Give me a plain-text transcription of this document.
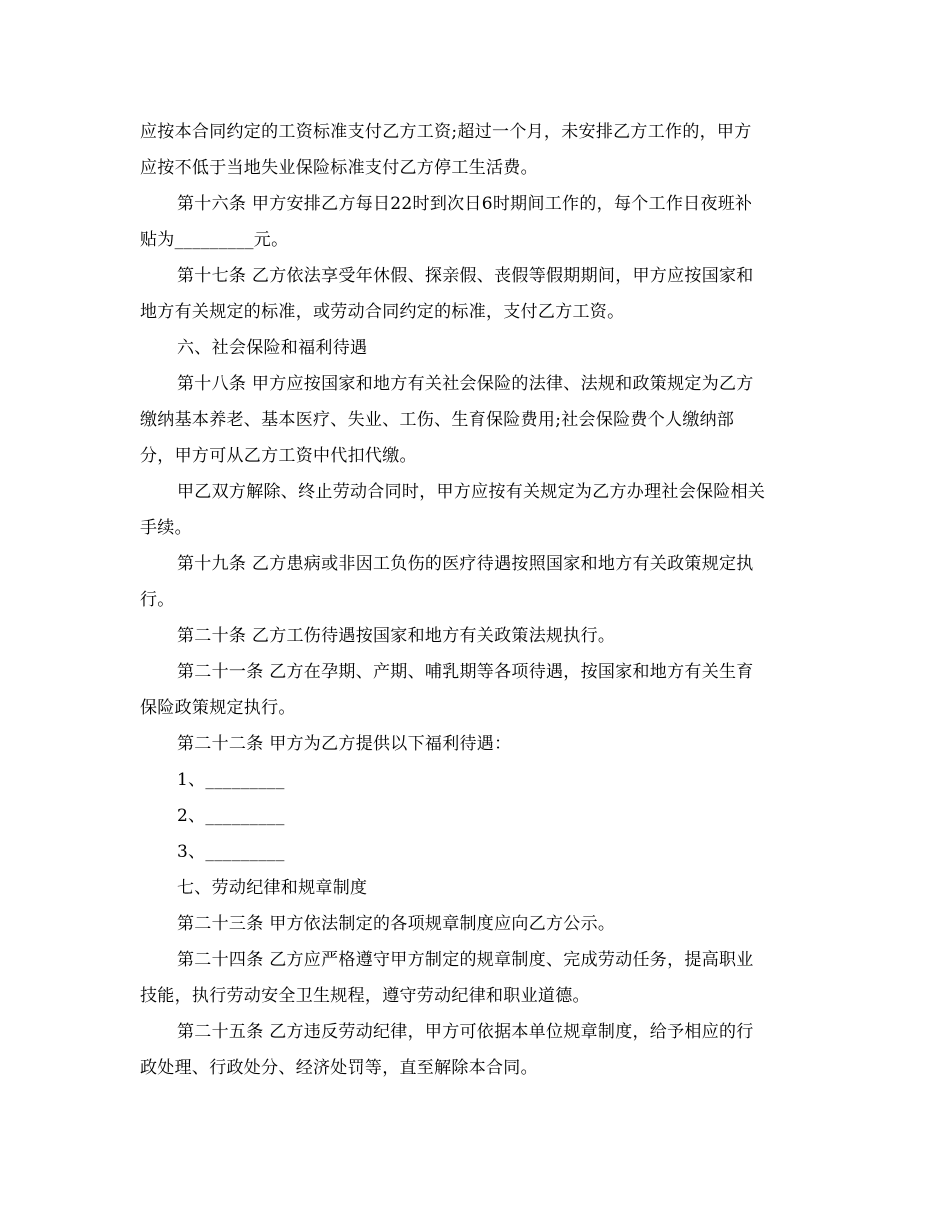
应按本合同约定的工资标准支付乙方工资;超过一个月，未安排乙方工作的，甲方
应按不低于当地失业保险标准支付乙方停工生活费。
第十六条 甲方安排乙方每日22时到次日6时期间工作的，每个工作日夜班补
贴为_________元。
第十七条 乙方依法享受年休假、探亲假、丧假等假期期间，甲方应按国家和
地方有关规定的标准，或劳动合同约定的标准，支付乙方工资。
六、社会保险和福利待遇
第十八条 甲方应按国家和地方有关社会保险的法律、法规和政策规定为乙方
缴纳基本养老、基本医疗、失业、工伤、生育保险费用;社会保险费个人缴纳部
分，甲方可从乙方工资中代扣代缴。
甲乙双方解除、终止劳动合同时，甲方应按有关规定为乙方办理社会保险相关
手续。
第十九条 乙方患病或非因工负伤的医疗待遇按照国家和地方有关政策规定执
行。
第二十条 乙方工伤待遇按国家和地方有关政策法规执行。
第二十一条 乙方在孕期、产期、哺乳期等各项待遇，按国家和地方有关生育
保险政策规定执行。
第二十二条 甲方为乙方提供以下福利待遇：
1、_________
2、_________
3、_________
七、劳动纪律和规章制度
第二十三条 甲方依法制定的各项规章制度应向乙方公示。
第二十四条 乙方应严格遵守甲方制定的规章制度、完成劳动任务，提高职业
技能，执行劳动安全卫生规程，遵守劳动纪律和职业道德。
第二十五条 乙方违反劳动纪律，甲方可依据本单位规章制度，给予相应的行
政处理、行政处分、经济处罚等，直至解除本合同。
